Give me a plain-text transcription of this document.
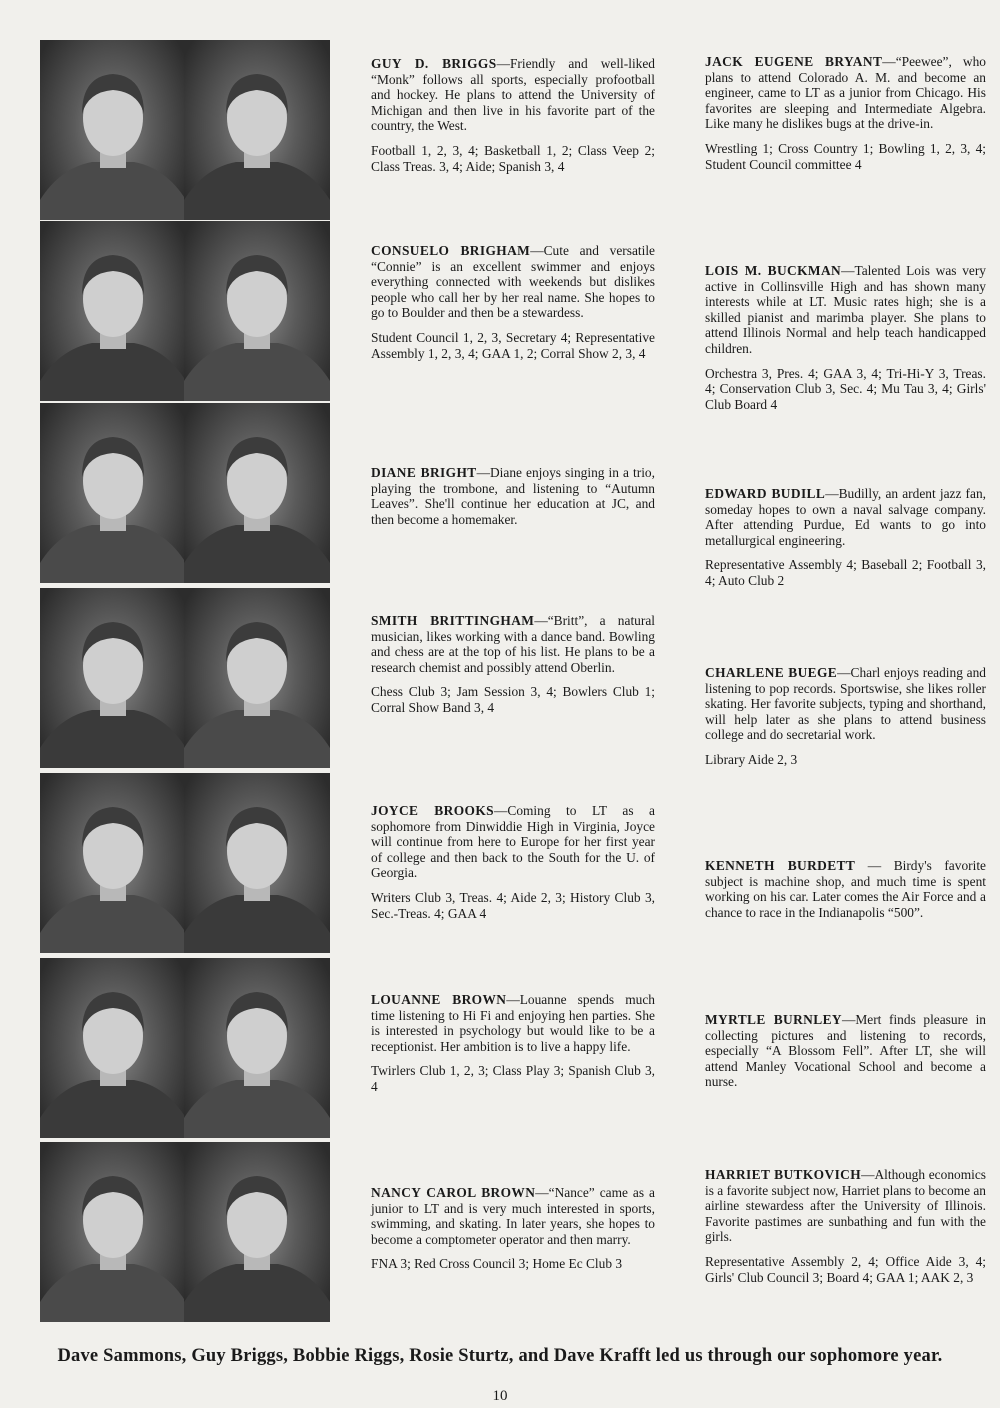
GUY D. BRIGGS—Friendly and well-liked “Monk” follows all sports, especially profootball and hockey. He plans to attend the University of Michigan and then live in his favorite part of the country, the West.

Football 1, 2, 3, 4; Basketball 1, 2; Class Veep 2; Class Treas. 3, 4; Aide; Spanish 3, 4

CONSUELO BRIGHAM—Cute and versatile “Connie” is an excellent swimmer and enjoys everything connected with weekends but dislikes people who call her by her real name. She hopes to go to Boulder and then be a stewardess.

Student Council 1, 2, 3, Secretary 4; Representative Assembly 1, 2, 3, 4; GAA 1, 2; Corral Show 2, 3, 4

DIANE BRIGHT—Diane enjoys singing in a trio, playing the trombone, and listening to “Autumn Leaves”. She'll continue her education at JC, and then become a homemaker.

SMITH BRITTINGHAM—“Britt”, a natural musician, likes working with a dance band. Bowling and chess are at the top of his list. He plans to be a research chemist and possibly attend Oberlin.

Chess Club 3; Jam Session 3, 4; Bowlers Club 1; Corral Show Band 3, 4

JOYCE BROOKS—Coming to LT as a sophomore from Dinwiddie High in Virginia, Joyce will continue from here to Europe for her first year of college and then back to the South for the U. of Georgia.

Writers Club 3, Treas. 4; Aide 2, 3; History Club 3, Sec.-Treas. 4; GAA 4

LOUANNE BROWN—Louanne spends much time listening to Hi Fi and enjoying hen parties. She is interested in psychology but would like to be a receptionist. Her ambition is to live a happy life.

Twirlers Club 1, 2, 3; Class Play 3; Spanish Club 3, 4

NANCY CAROL BROWN—“Nance” came as a junior to LT and is very much interested in sports, swimming, and skating. In later years, she hopes to become a comptometer operator and then marry.

FNA 3; Red Cross Council 3; Home Ec Club 3

JACK EUGENE BRYANT—“Peewee”, who plans to attend Colorado A. M. and become an engineer, came to LT as a junior from Chicago. His favorites are sleeping and Intermediate Algebra. Like many he dislikes bugs at the drive-in.

Wrestling 1; Cross Country 1; Bowling 1, 2, 3, 4; Student Council committee 4

LOIS M. BUCKMAN—Talented Lois was very active in Collinsville High and has shown many interests while at LT. Music rates high; she is a skilled pianist and marimba player. She plans to attend Illinois Normal and help teach handicapped children.

Orchestra 3, Pres. 4; GAA 3, 4; Tri-Hi-Y 3, Treas. 4; Conservation Club 3, Sec. 4; Mu Tau 3, 4; Girls' Club Board 4

EDWARD BUDILL—Budilly, an ardent jazz fan, someday hopes to own a naval salvage company. After attending Purdue, Ed wants to go into metallurgical engineering.

Representative Assembly 4; Baseball 2; Football 3, 4; Auto Club 2

CHARLENE BUEGE—Charl enjoys reading and listening to pop records. Sportswise, she likes roller skating. Her favorite subjects, typing and shorthand, will help later as she plans to attend business college and do secretarial work.

Library Aide 2, 3

KENNETH BURDETT — Birdy's favorite subject is machine shop, and much time is spent working on his car. Later comes the Air Force and a chance to race in the Indianapolis “500”.

MYRTLE BURNLEY—Mert finds pleasure in collecting pictures and listening to records, especially “A Blossom Fell”. After LT, she will attend Manley Vocational School and become a nurse.

HARRIET BUTKOVICH—Although economics is a favorite subject now, Harriet plans to become an airline stewardess after the University of Illinois. Favorite pastimes are sunbathing and fun with the girls.

Representative Assembly 2, 4; Office Aide 3, 4; Girls' Club Council 3; Board 4; GAA 1; AAK 2, 3

Dave Sammons, Guy Briggs, Bobbie Riggs, Rosie Sturtz, and Dave Krafft led us through our sophomore year.
10
